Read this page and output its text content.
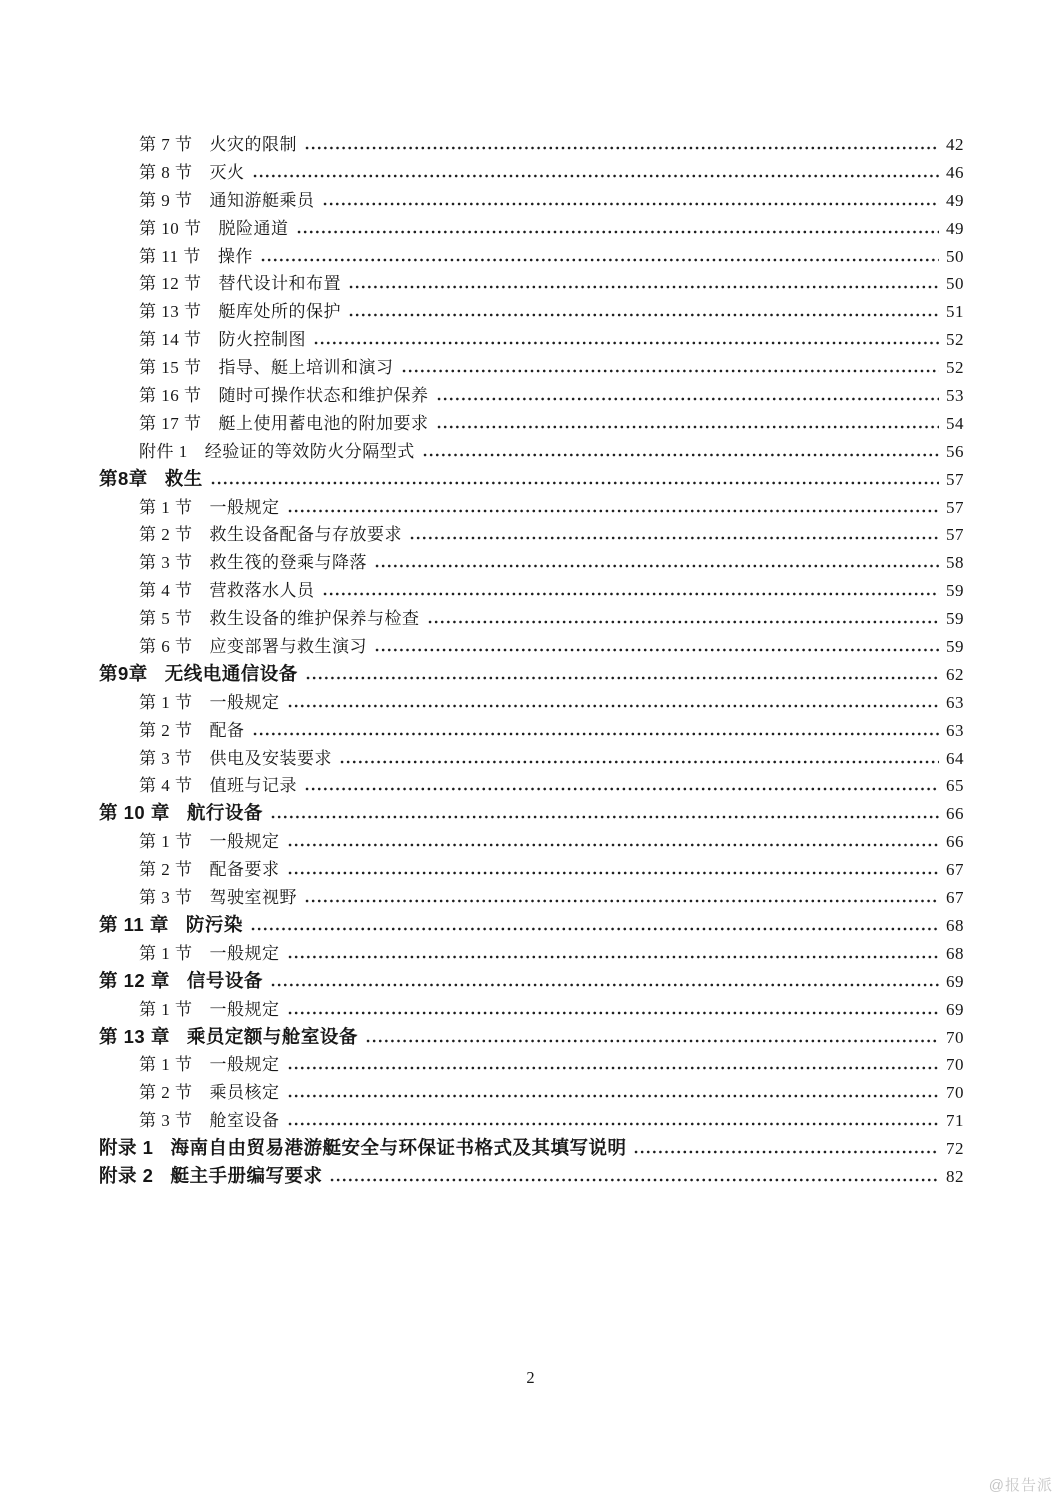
第 7 节 火灾的限制	42
第 8 节 灭火	46
第 9 节 通知游艇乘员	49
第 10 节 脱险通道	49
第 11 节 操作	50
第 12 节 替代设计和布置	50
第 13 节 艇库处所的保护	51
第 14 节 防火控制图	52
第 15 节 指导、艇上培训和演习	52
第 16 节 随时可操作状态和维护保养	53
第 17 节 艇上使用蓄电池的附加要求	54
附件 1 经验证的等效防火分隔型式	56
第8章 救生	57
第 1 节 一般规定	57
第 2 节 救生设备配备与存放要求	57
第 3 节 救生筏的登乘与降落	58
第 4 节 营救落水人员	59
第 5 节 救生设备的维护保养与检查	59
第 6 节 应变部署与救生演习	59
第9章 无线电通信设备	62
第 1 节 一般规定	63
第 2 节 配备	63
第 3 节 供电及安装要求	64
第 4 节 值班与记录	65
第 10 章 航行设备	66
第 1 节 一般规定	66
第 2 节 配备要求	67
第 3 节 驾驶室视野	67
第 11 章 防污染	68
第 1 节 一般规定	68
第 12 章 信号设备	69
第 1 节 一般规定	69
第 13 章 乘员定额与舱室设备	70
第 1 节 一般规定	70
第 2 节 乘员核定	70
第 3 节 舱室设备	71
附录 1 海南自由贸易港游艇安全与环保证书格式及其填写说明	72
附录 2 艇主手册编写要求	82
2
@报告派
